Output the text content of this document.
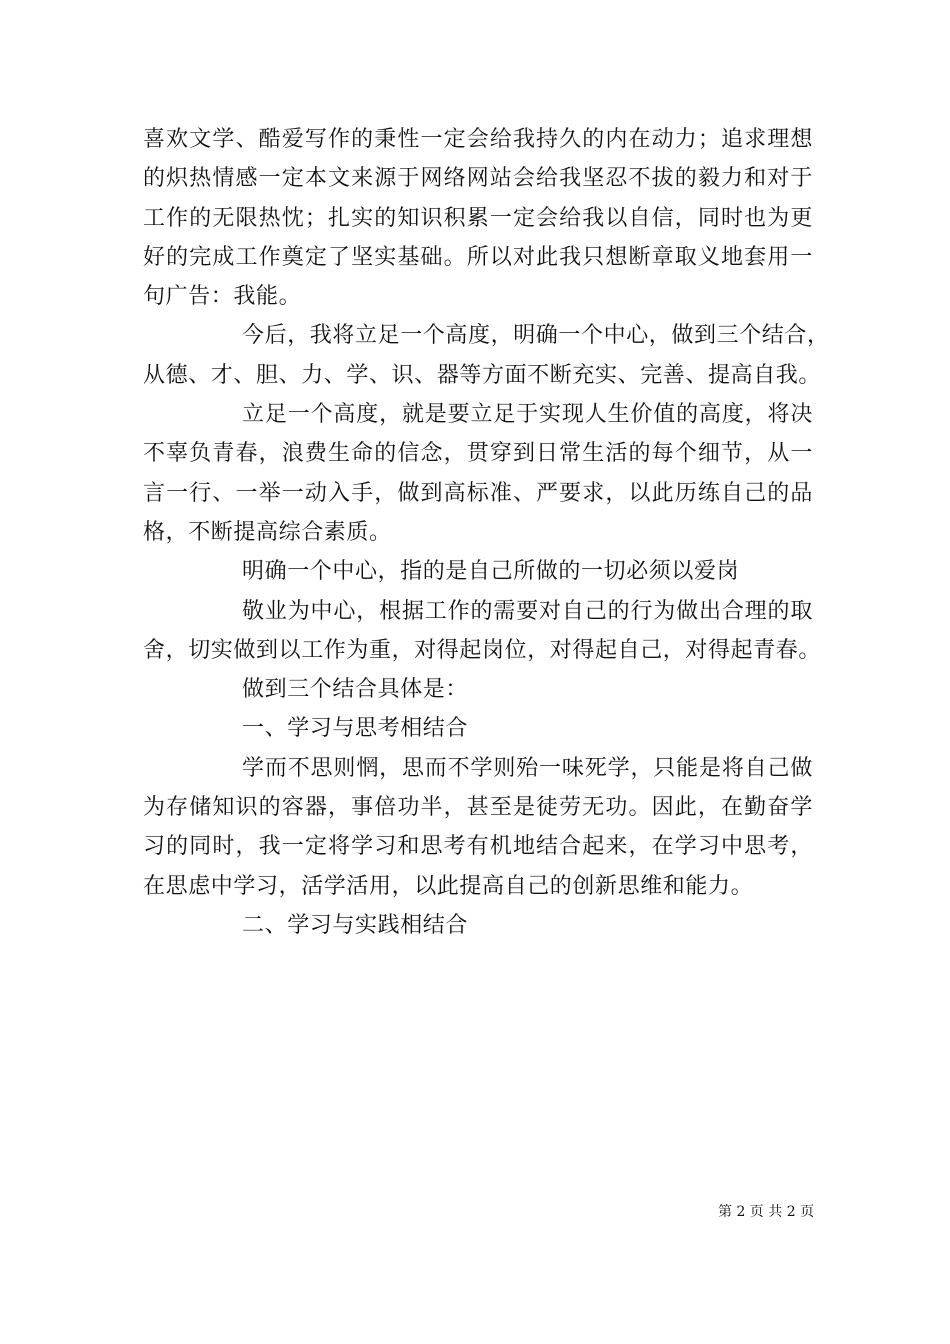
喜欢文学、酷爱写作的秉性一定会给我持久的内在动力；追求理想
的炽热情感一定本文来源于网络网站会给我坚忍不拔的毅力和对于
工作的无限热忱；扎实的知识积累一定会给我以自信，同时也为更
好的完成工作奠定了坚实基础。所以对此我只想断章取义地套用一
句广告：我能。
今后，我将立足一个高度，明确一个中心，做到三个结合，
从德、才、胆、力、学、识、器等方面不断充实、完善、提高自我。
立足一个高度，就是要立足于实现人生价值的高度，将决
不辜负青春，浪费生命的信念，贯穿到日常生活的每个细节，从一
言一行、一举一动入手，做到高标准、严要求，以此历练自己的品
格，不断提高综合素质。
明确一个中心，指的是自己所做的一切必须以爱岗
敬业为中心，根据工作的需要对自己的行为做出合理的取
舍，切实做到以工作为重，对得起岗位，对得起自己，对得起青春。
做到三个结合具体是：
一、学习与思考相结合
学而不思则惘，思而不学则殆一味死学，只能是将自己做
为存储知识的容器，事倍功半，甚至是徒劳无功。因此，在勤奋学
习的同时，我一定将学习和思考有机地结合起来，在学习中思考，
在思虑中学习，活学活用，以此提高自己的创新思维和能力。
二、学习与实践相结合
第 2 页 共 2 页
